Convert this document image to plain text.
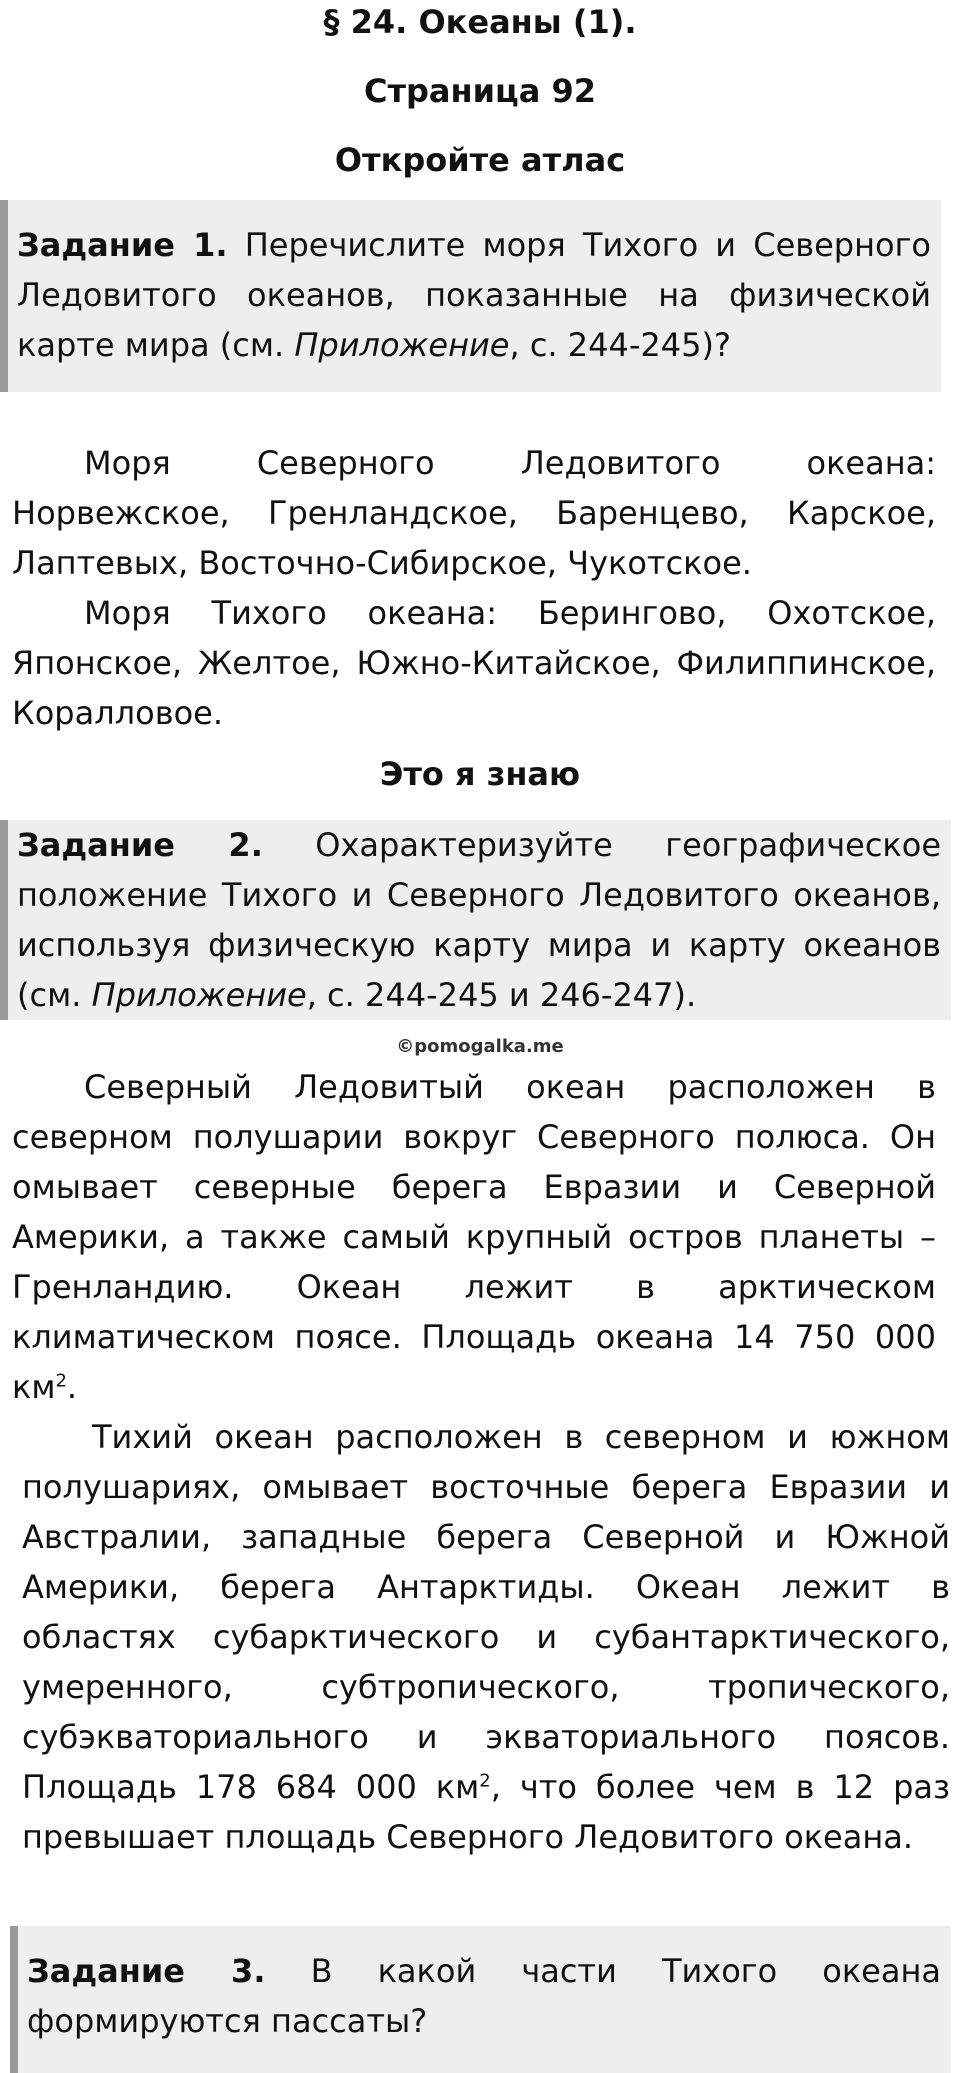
§ 24. Океаны (1).
Страница 92
Откройте атлас
Задание 1. Перечислите моря Тихого и Северного Ледовитого океанов, показанные на физической карте мира (см. Приложение, с. 244-245)?

Моря Северного Ледовитого океана: Норвежское, Гренландское, Баренцево, Карское, Лаптевых, Восточно-Сибирское, Чукотское.

Моря Тихого океана: Берингово, Охотское, Японское, Желтое, Южно-Китайское, Филиппинское, Коралловое.

Это я знаю
Задание 2. Охарактеризуйте географическое положение Тихого и Северного Ледовитого океанов, используя физическую карту мира и карту океанов (см. Приложение, с. 244-245 и 246-247).
©pomogalka.me

Северный Ледовитый океан расположен в северном полушарии вокруг Северного полюса. Он омывает северные берега Евразии и Северной Америки, а также самый крупный остров планеты – Гренландию. Океан лежит в арктическом климатическом поясе. Площадь океана 14 750 000 $км^2$.

Тихий океан расположен в северном и южном полушариях, омывает восточные берега Евразии и Австралии, западные берега Северной и Южной Америки, берега Антарктиды. Океан лежит в областях субарктического и субантарктического, умеренного, субтропического, тропического, субэкваториального и экваториального поясов. Площадь 178 684 000 $км^2$, что более чем в 12 раз превышает площадь Северного Ледовитого океана.

Задание 3. В какой части Тихого океана формируются пассаты?
